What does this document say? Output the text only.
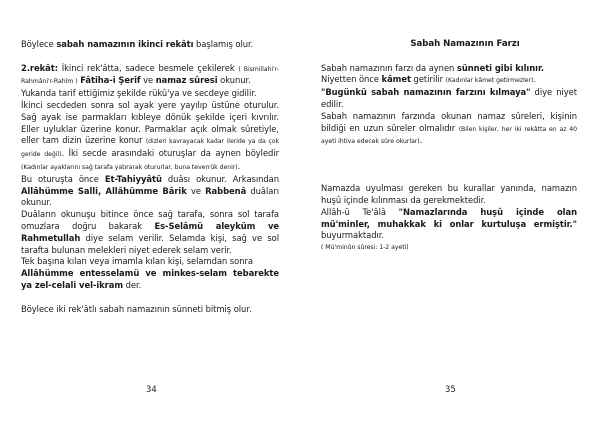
Böylece sabah namazının ikinci rekâtı başlamış olur.

2.rekât: İkinci rek'âtta, sadece besmele çekilerek ( Bismillahi'r-Rahmâni'r-Rahîm ) Fâtiha-i Şerif ve namaz sûresi okunur.

Yukarıda tarif ettiğimiz şekilde rükû'ya ve secdeye gidilir.

İkinci secdeden sonra sol ayak yere yayılıp üstüne oturulur. Sağ ayak ise parmakları kıbleye dönük şekilde içeri kıvrılır. Eller uyluklar üzerine konur. Parmaklar açık olmak sûretiyle, eller tam dizin üzerine konur (dizleri kavrayacak kadar ileride ya da çok geride değil). İki secde arasındaki oturuşlar da aynen böyledir (Kadınlar ayaklarını sağ tarafa yatırarak otururlar, buna teverrük denir).

Bu oturuşta önce Et-Tahiyyâtü duâsı okunur. Arkasından Allâhümme Salli, Allâhümme Bârik ve Rabbenâ duâları okunur.

Duâların okunuşu bitince önce sağ tarafa, sonra sol tarafa omuzlara doğru bakarak Es-Selâmü aleyküm ve Rahmetullah diye selam verilir. Selamda kişi, sağ ve sol tarafta bulunan melekleri niyet ederek selam verir.

Tek başına kılan veya imamla kılan kişi, selamdan sonra

Allâhümme entesselamü ve minkes-selam tebarekte ya zel-celali vel-ikram der.

Böylece iki rek'âtlı sabah namazının sünneti bitmiş olur.

34

Sabah Namazının Farzı

Sabah namazının farzı da aynen sünneti gibi kılınır.

Niyetten önce kâmet getirilir (Kadınlar kâmet getirmezler).

"Bugünkü sabah namazının farzını kılmaya" diye niyet edilir.

Sabah namazının farzında okunan namaz sûreleri, kişinin bildiği en uzun sûreler olmalıdır (Bilen kişiler, her iki rekâtta en az 40 ayeti ihtiva edecek sûre okurlar).

Namazda uyulması gereken bu kurallar yanında, namazın huşû içinde kılınması da gerekmektedir.

Allâh-ü Te'âlâ "Namazlarında huşû içinde olan mü'minler, muhakkak ki onlar kurtuluşa ermiştir." buyurmaktadır.

( Mü'minûn sûresi: 1-2 ayeti)

35
